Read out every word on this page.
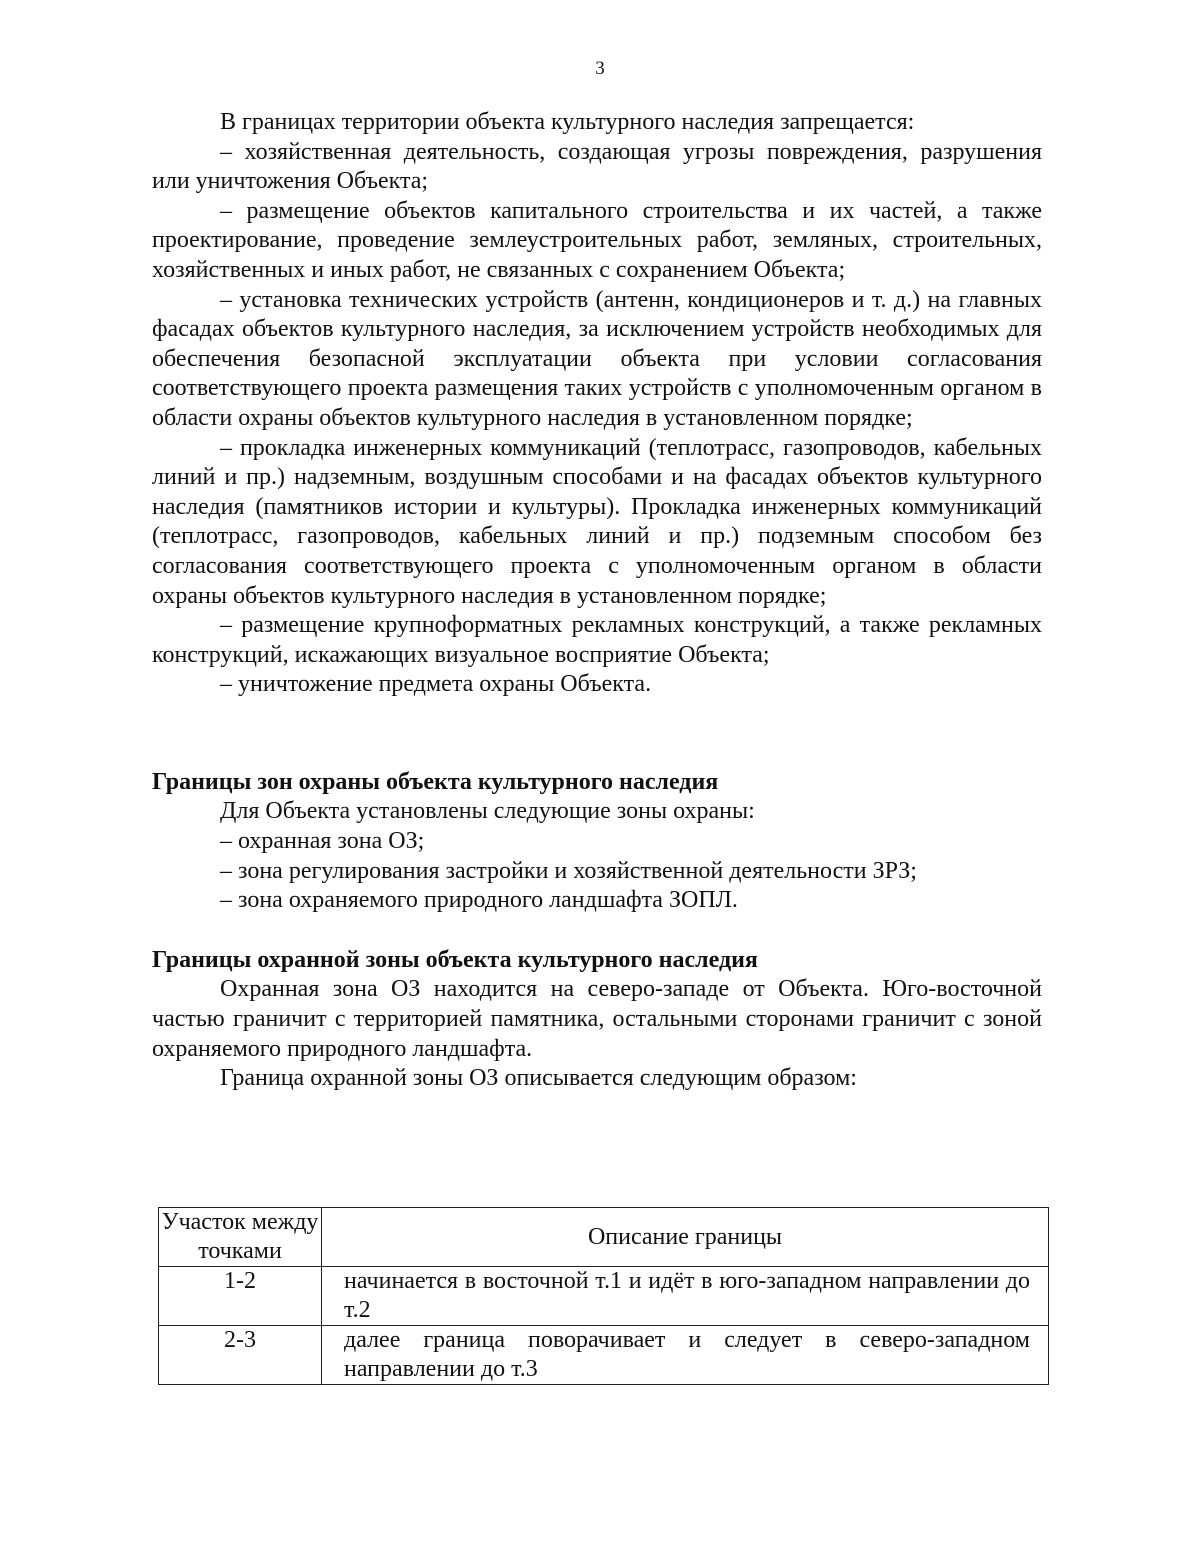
3

В границах территории объекта культурного наследия запрещается:

– хозяйственная деятельность, создающая угрозы повреждения, разрушения или уничтожения Объекта;

– размещение объектов капитального строительства и их частей, а также проектирование, проведение землеустроительных работ, земляных, строительных, хозяйственных и иных работ, не связанных с сохранением Объекта;

– установка технических устройств (антенн, кондиционеров и т. д.) на главных фасадах объектов культурного наследия, за исключением устройств необходимых для обеспечения безопасной эксплуатации объекта при условии согласования соответствующего проекта размещения таких устройств с уполномоченным органом в области охраны объектов культурного наследия в установленном порядке;

– прокладка инженерных коммуникаций (теплотрасс, газопроводов, кабельных линий и пр.) надземным, воздушным способами и на фасадах объектов культурного наследия (памятников истории и культуры). Прокладка инженерных коммуникаций (теплотрасс, газопроводов, кабельных линий и пр.) подземным способом без согласования соответствующего проекта с уполномоченным органом в области охраны объектов культурного наследия в установленном порядке;

– размещение крупноформатных рекламных конструкций, а также рекламных конструкций, искажающих визуальное восприятие Объекта;

– уничтожение предмета охраны Объекта.

Границы зон охраны объекта культурного наследия

Для Объекта установлены следующие зоны охраны:

– охранная зона ОЗ;

– зона регулирования застройки и хозяйственной деятельности ЗРЗ;

– зона охраняемого природного ландшафта ЗОПЛ.

Границы охранной зоны объекта культурного наследия

Охранная зона ОЗ находится на северо-западе от Объекта. Юго-восточной частью граничит с территорией памятника, остальными сторонами граничит с зоной охраняемого природного ландшафта.

Граница охранной зоны ОЗ описывается следующим образом:

Участок между точками	Описание границы
1-2	начинается в восточной т.1 и идёт в юго-западном направлении до т.2
2-3	далее граница поворачивает и следует в северо-западном направлении до т.3
